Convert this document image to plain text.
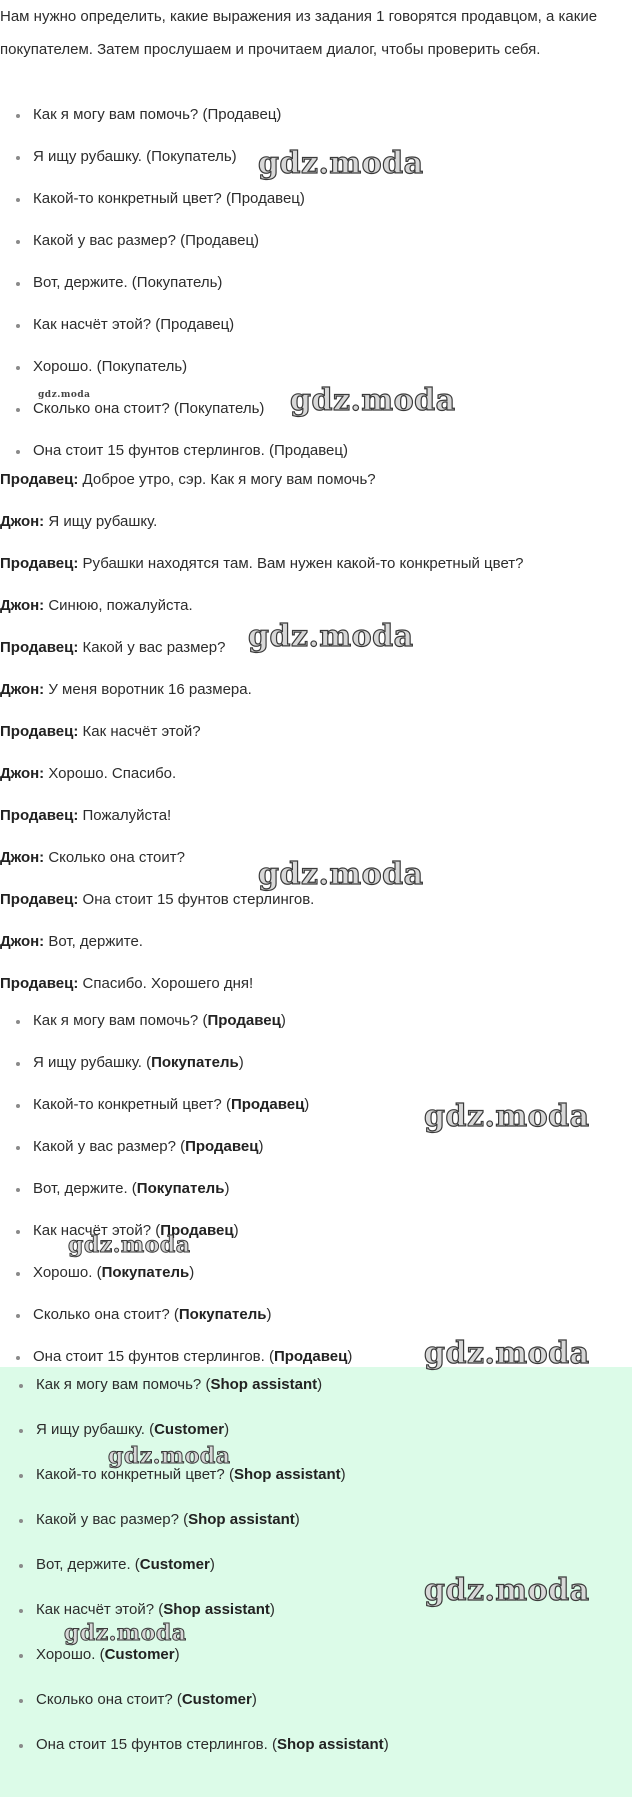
Нам нужно определить, какие выражения из задания 1 говорятся продавцом, а какие покупателем. Затем прослушаем и прочитаем диалог, чтобы проверить себя.

Как я могу вам помочь? (Продавец)
Я ищу рубашку. (Покупатель)
Какой-то конкретный цвет? (Продавец)
Какой у вас размер? (Продавец)
Вот, держите. (Покупатель)
Как насчёт этой? (Продавец)
Хорошо. (Покупатель)
Сколько она стоит? (Покупатель)
Она стоит 15 фунтов стерлингов. (Продавец)

Продавец: Доброе утро, сэр. Как я могу вам помочь?

Джон: Я ищу рубашку.

Продавец: Рубашки находятся там. Вам нужен какой-то конкретный цвет?

Джон: Синюю, пожалуйста.

Продавец: Какой у вас размер?

Джон: У меня воротник 16 размера.

Продавец: Как насчёт этой?

Джон: Хорошо. Спасибо.

Продавец: Пожалуйста!

Джон: Сколько она стоит?

Продавец: Она стоит 15 фунтов стерлингов.

Джон: Вот, держите.

Продавец: Спасибо. Хорошего дня!

Как я могу вам помочь? (Продавец)
Я ищу рубашку. (Покупатель)
Какой-то конкретный цвет? (Продавец)
Какой у вас размер? (Продавец)
Вот, держите. (Покупатель)
Как насчёт этой? (Продавец)
Хорошо. (Покупатель)
Сколько она стоит? (Покупатель)
Она стоит 15 фунтов стерлингов. (Продавец)
Как я могу вам помочь? (Shop assistant)
Я ищу рубашку. (Customer)
Какой-то конкретный цвет? (Shop assistant)
Какой у вас размер? (Shop assistant)
Вот, держите. (Customer)
Как насчёт этой? (Shop assistant)
Хорошо. (Customer)
Сколько она стоит? (Customer)
Она стоит 15 фунтов стерлингов. (Shop assistant)
gdz.moda
gdz.moda	gdz.moda
gdz.moda
gdz.moda
gdz.moda
gdz.moda
gdz.moda
gdz.moda
gdz.moda
gdz.moda
